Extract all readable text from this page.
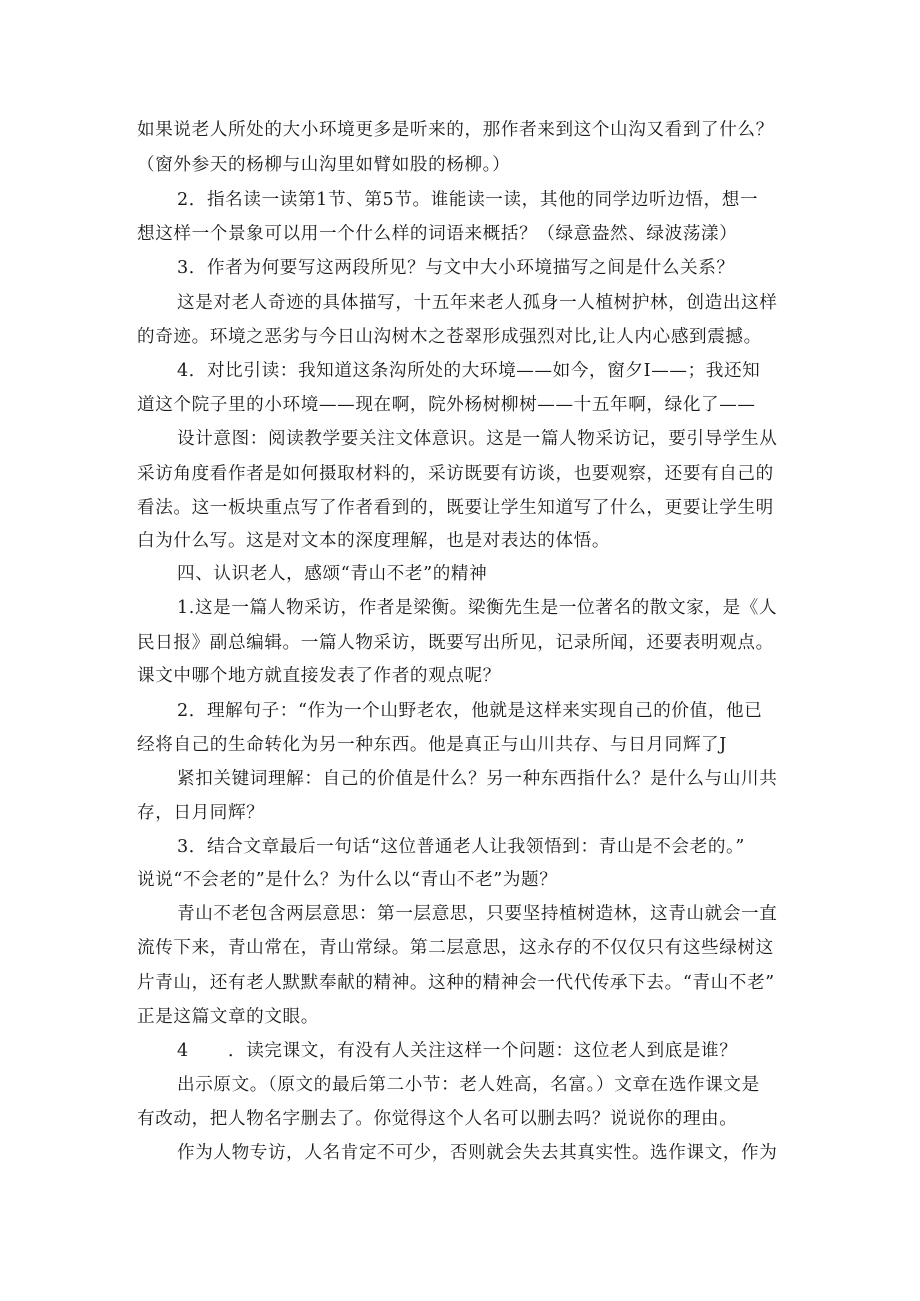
如果说老人所处的大小环境更多是听来的，那作者来到这个山沟又看到了什么？
（窗外参天的杨柳与山沟里如臂如股的杨柳。）
2．指名读一读第1节、第5节。谁能读一读，其他的同学边听边悟，想一
想这样一个景象可以用一个什么样的词语来概括？（绿意盎然、绿波荡漾）
3．作者为何要写这两段所见？与文中大小环境描写之间是什么关系？
这是对老人奇迹的具体描写，十五年来老人孤身一人植树护林，创造出这样
的奇迹。环境之恶劣与今日山沟树木之苍翠形成强烈对比,让人内心感到震撼。
4．对比引读：我知道这条沟所处的大环境——如今，窗夕I——；我还知
道这个院子里的小环境——现在啊，院外杨树柳树——十五年啊，绿化了——
设计意图：阅读教学要关注文体意识。这是一篇人物采访记，要引导学生从
采访角度看作者是如何摄取材料的，采访既要有访谈，也要观察，还要有自己的
看法。这一板块重点写了作者看到的，既要让学生知道写了什么，更要让学生明
白为什么写。这是对文本的深度理解，也是对表达的体悟。
四、认识老人，感颂“青山不老”的精神
1.这是一篇人物采访，作者是梁衡。梁衡先生是一位著名的散文家，是《人
民日报》副总编辑。一篇人物采访，既要写出所见，记录所闻，还要表明观点。
课文中哪个地方就直接发表了作者的观点呢？
2．理解句子：“作为一个山野老农，他就是这样来实现自己的价值，他已
经将自己的生命转化为另一种东西。他是真正与山川共存、与日月同辉了J
紧扣关键词理解：自己的价值是什么？另一种东西指什么？是什么与山川共
存，日月同辉？
3．结合文章最后一句话“这位普通老人让我领悟到：青山是不会老的。”
说说“不会老的”是什么？为什么以“青山不老”为题？
青山不老包含两层意思：第一层意思，只要坚持植树造林，这青山就会一直
流传下来，青山常在，青山常绿。第二层意思，这永存的不仅仅只有这些绿树这
片青山，还有老人默默奉献的精神。这种的精神会一代代传承下去。“青山不老”
正是这篇文章的文眼。
4 ．读完课文，有没有人关注这样一个问题：这位老人到底是谁？
出示原文。（原文的最后第二小节：老人姓高，名富。）文章在选作课文是
有改动，把人物名字删去了。你觉得这个人名可以删去吗？说说你的理由。
作为人物专访，人名肯定不可少，否则就会失去其真实性。选作课文，作为
